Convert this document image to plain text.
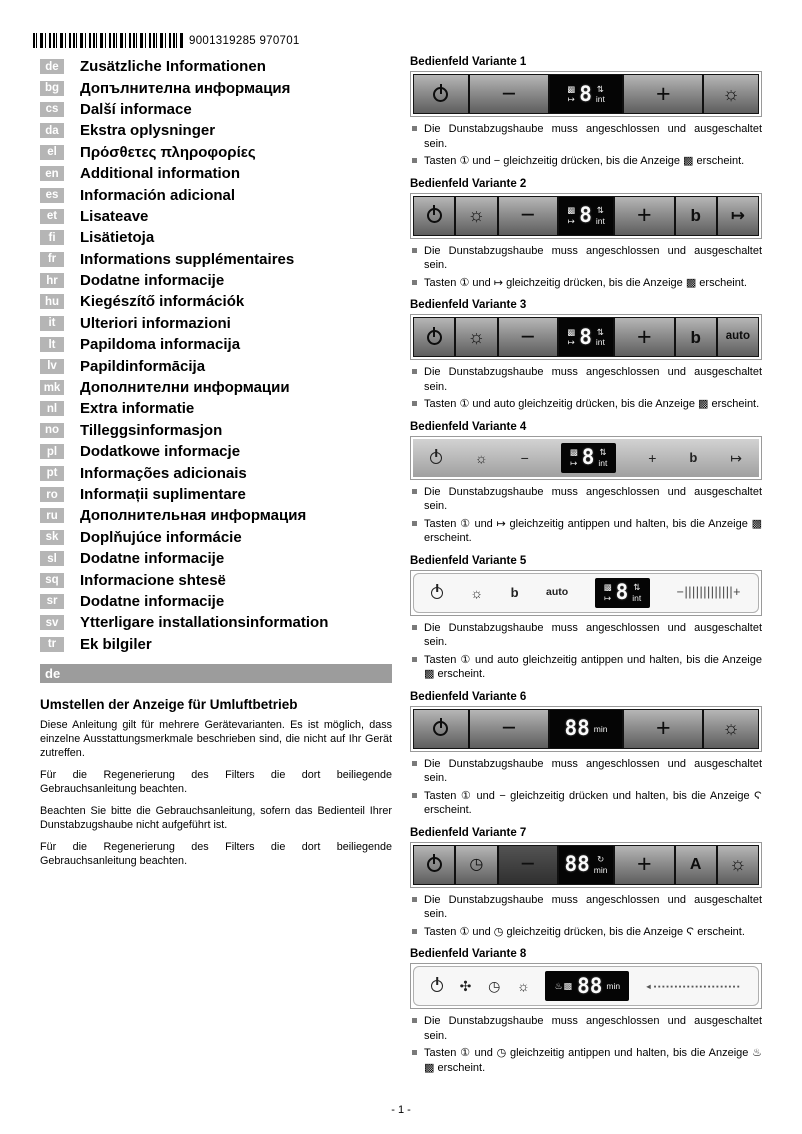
9001319285 970701
de	Zusätzliche Informationen
bg	Допълнителна информация
cs	Další informace
da	Ekstra oplysninger
el	Πρόσθετες πληροφορίες
en	Additional information
es	Información adicional
et	Lisateave
fi	Lisätietoja
fr	Informations supplémentaires
hr	Dodatne informacije
hu	Kiegészítő információk
it	Ulteriori informazioni
lt	Papildoma informacija
lv	Papildinformācija
mk Дополнителни информации
nl	Extra informatie
no	Tilleggsinformasjon
pl	Dodatkowe informacje
pt	Informações adicionais
ro	Informații suplimentare
ru	Дополнительная информация
sk	Doplňujúce informácie
sl	Dodatne informacije
sq	Informacione shtesë
sr	Dodatne informacije
sv	Ytterligare installationsinformation
tr	Ek bilgiler
de
Umstellen der Anzeige für Umluftbetrieb

Diese Anleitung gilt für mehrere Gerätevarianten. Es ist möglich, dass einzelne Ausstattungsmerkmale beschrieben sind, die nicht auf Ihr Gerät zutreffen.

Für die Regenerierung des Filters die dort beiliegende Gebrauchsanleitung beachten.

Beachten Sie bitte die Gebrauchsanleitung, sofern das Bedienteil Ihrer Dunstabzugshaube nicht aufgeführt ist.

Für die Regenerierung des Filters die dort beiliegende Gebrauchsanleitung beachten.

Bedienfeld Variante 1
−	▩
↦ 8 ⇅
int +	☼
Die Dunstabzugshaube muss angeschlossen und ausgeschaltet sein.
Tasten ① und − gleichzeitig drücken, bis die Anzeige ▩ erscheint.
Bedienfeld Variante 2
☼ −	▩
↦ 8 ⇅
int + b ↦
Die Dunstabzugshaube muss angeschlossen und ausgeschaltet sein.
Tasten ① und ↦ gleichzeitig drücken, bis die Anzeige ▩ erscheint.
Bedienfeld Variante 3
☼ −	▩
↦ 8 ⇅
int + b auto
Die Dunstabzugshaube muss angeschlossen und ausgeschaltet sein.
Tasten ① und auto gleichzeitig drücken, bis die Anzeige ▩ erscheint.
Bedienfeld Variante 4
☼ −	▩
↦ 8 ⇅
int	+	b ↦
Die Dunstabzugshaube muss angeschlossen und ausgeschaltet sein.
Tasten ① und ↦ gleichzeitig antippen und halten, bis die Anzeige ▩ erscheint.
Bedienfeld Variante 5
☼ b	auto	▩
↦ 8 ⇅
int	−|||||||||||||+
Die Dunstabzugshaube muss angeschlossen und ausgeschaltet sein.
Tasten ① und auto gleichzeitig antippen und halten, bis die Anzeige ▩ erscheint.
Bedienfeld Variante 6
− 88 min +	☼
Die Dunstabzugshaube muss angeschlossen und ausgeschaltet sein.
Tasten ① und − gleichzeitig drücken und halten, bis die Anzeige Ϛ erscheint.
Bedienfeld Variante 7
◷ − 88 ↻
min + A ☼
Die Dunstabzugshaube muss angeschlossen und ausgeschaltet sein.
Tasten ① und ◷ gleichzeitig drücken, bis die Anzeige Ϛ erscheint.
Bedienfeld Variante 8
✣ ◷ ☼	♨▩ 88 min	◄▪▪▪▪▪▪▪▪▪▪▪▪▪▪▪▪▪▪▪▪▪
Die Dunstabzugshaube muss angeschlossen und ausgeschaltet sein.
Tasten ① und ◷ gleichzeitig antippen und halten, bis die Anzeige ♨ ▩ erscheint.
- 1 -
